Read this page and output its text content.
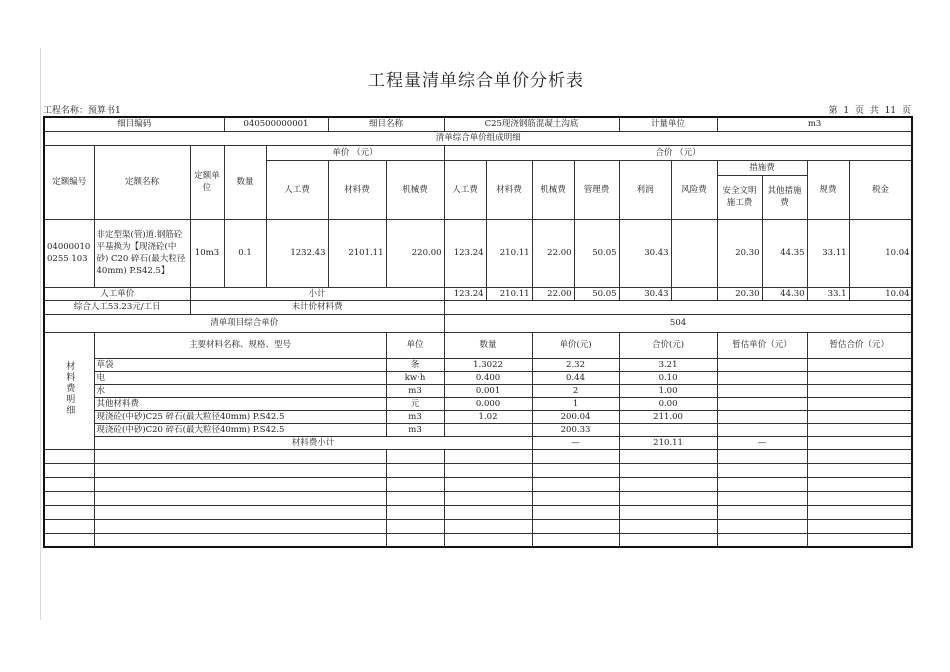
工程量清单综合单价分析表
工程名称：预算书1	第 1 页 共 11 页
细目编码			040500000001		细目名称		C25现浇钢筋混凝土沟底				计量单位		m3			
清单综合单价组成明细																
定额编号	定额名称	定额单位	数量	单价 （元）			合价 （元）									
				人工费	材料费	机械费	人工费	材料费	机械费	管理费	利润	风险费	措施费		规费	税金
													安全文明施工费	其他措施费		
04000010 0255 103	非定型渠(管)道.钢筋砼平基换为【现浇砼(中砂) C20 碎石(最大粒径40mm) P.S42.5】	10m3	0.1	1232.43	2101.11	220.00	123.24	210.11	22.00	50.05	30.43		20.30	44.35	33.11	10.04
人工单价		小计					123.24	210.11	22.00	50.05	30.43		20.30	44.30	33.1	10.04
综合人工53.23元/工日		未计价材料费														
清单项目综合单价							504									
材料费明细	主要材料名称、规格、型号					单位	数量		单价(元)		合价(元)		暂估单价（元）		暂估合价（元）	
	草袋					条	1.3022		2.32		3.21					
	电					kw·h	0.400		0.44		0.10					
	水					m3	0.001		2		1.00					
	其他材料费					元	0.000		1		0.00					
	现浇砼(中砂)C25 碎石(最大粒径40mm) P.S42.5					m3	1.02		200.04		211.00					
	现浇砼(中砂)C20 碎石(最大粒径40mm) P.S42.5					m3			200.33							
	材料费小计								—		210.11		—			
